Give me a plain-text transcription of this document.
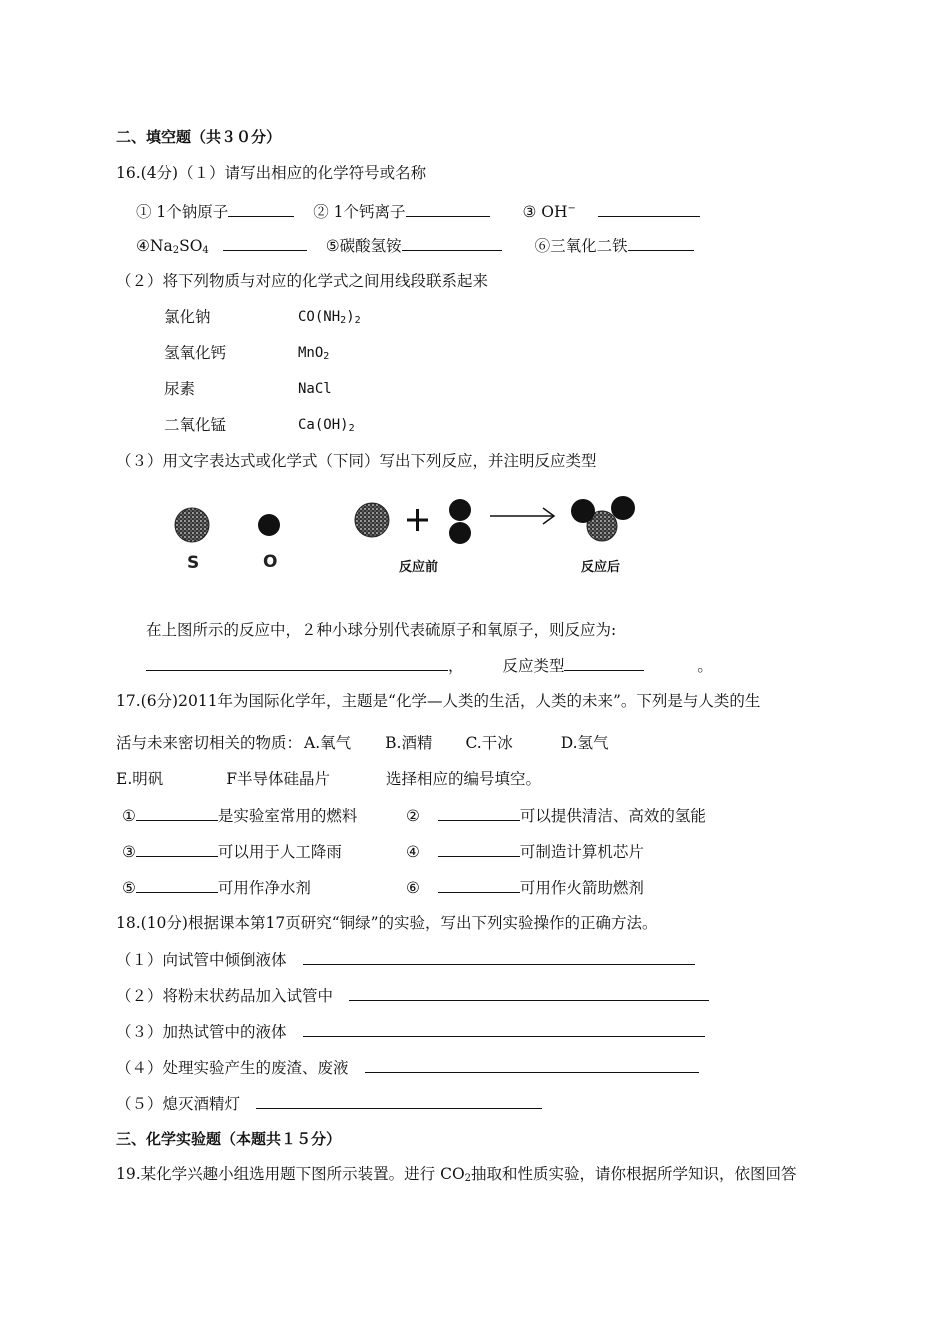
二、填空题（共３０分）
16.(4分)（１）请写出相应的化学符号或名称
① 1个钠原子	② 1个钙离子	③ OH−
$④Na_2SO_4$	⑤碳酸氢铵	⑥三氧化二铁
（２）将下列物质与对应的化学式之间用线段联系起来
氯化钠	$CO(NH_2)_2$
氢氧化钙	MnO$_2$
尿素	NaCl
二氧化锰	$Ca(OH)_2$
（３）用文字表达式或化学式（下同）写出下列反应，并注明反应类型
S	O	反应前	反应后
在上图所示的反应中，２种小球分别代表硫原子和氧原子，则反应为:
，	反应类型	。
17.(6分)2011年为国际化学年，主题是“化学—人类的生活，人类的未来”。下列是与人类的生
活与未来密切相关的物质： A.氧气 B.酒精 C.干冰	D.氢气
E.明矾	F半导体硅晶片	选择相应的编号填空。
①	是实验室常用的燃料	②	可以提供清洁、高效的氢能
③	可以用于人工降雨	④	可制造计算机芯片
⑤	可用作净水剂	⑥	可用作火箭助燃剂
18.(10分)根据课本第17页研究“铜绿”的实验，写出下列实验操作的正确方法。
（１）向试管中倾倒液体
（２）将粉末状药品加入试管中
（３）加热试管中的液体
（４）处理实验产生的废渣、废液
（５）熄灭酒精灯
三、化学实验题（本题共１５分）
19.某化学兴趣小组选用题下图所示装置。进行 $CO_2$抽取和性质实验，请你根据所学知识，依图回答
